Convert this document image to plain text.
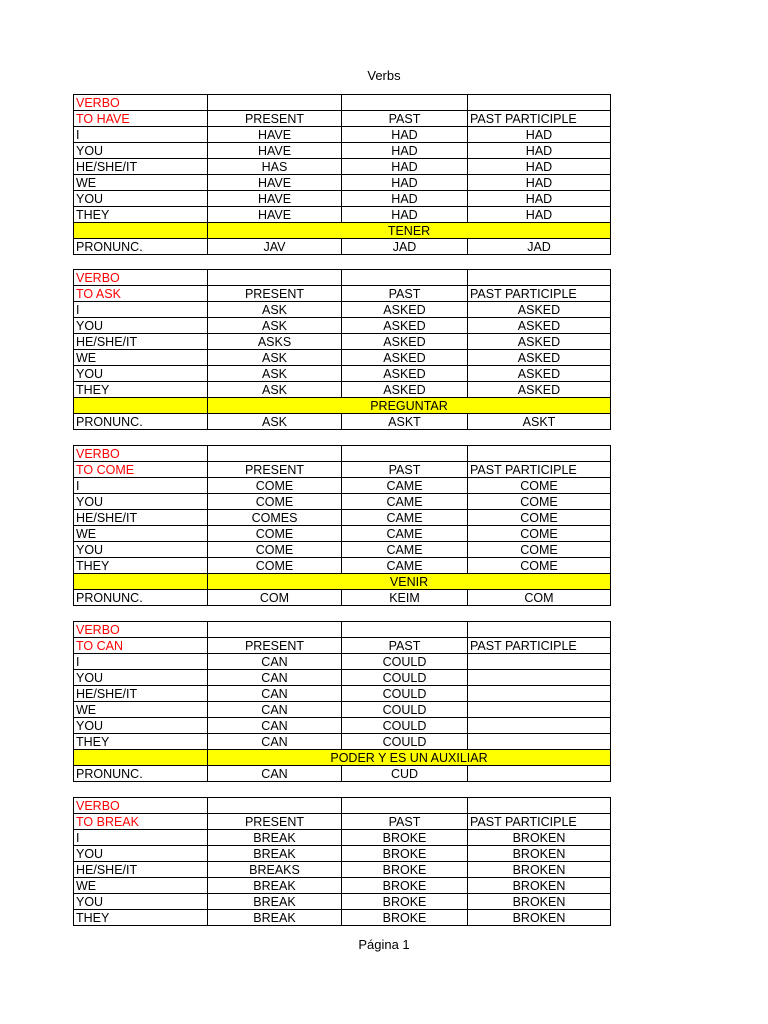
Verbs
VERBO			
TO HAVE	PRESENT	PAST	PAST PARTICIPLE
I	HAVE	HAD	HAD
YOU	HAVE	HAD	HAD
HE/SHE/IT	HAS	HAD	HAD
WE	HAVE	HAD	HAD
YOU	HAVE	HAD	HAD
THEY	HAVE	HAD	HAD
	TENER		
PRONUNC.	JAV	JAD	JAD
VERBO			
TO ASK	PRESENT	PAST	PAST PARTICIPLE
I	ASK	ASKED	ASKED
YOU	ASK	ASKED	ASKED
HE/SHE/IT	ASKS	ASKED	ASKED
WE	ASK	ASKED	ASKED
YOU	ASK	ASKED	ASKED
THEY	ASK	ASKED	ASKED
	PREGUNTAR		
PRONUNC.	ASK	ASKT	ASKT
VERBO			
TO COME	PRESENT	PAST	PAST PARTICIPLE
I	COME	CAME	COME
YOU	COME	CAME	COME
HE/SHE/IT	COMES	CAME	COME
WE	COME	CAME	COME
YOU	COME	CAME	COME
THEY	COME	CAME	COME
	VENIR		
PRONUNC.	COM	KEIM	COM
VERBO			
TO CAN	PRESENT	PAST	PAST PARTICIPLE
I	CAN	COULD	
YOU	CAN	COULD	
HE/SHE/IT	CAN	COULD	
WE	CAN	COULD	
YOU	CAN	COULD	
THEY	CAN	COULD	
	PODER Y ES UN AUXILIAR		
PRONUNC.	CAN	CUD	
VERBO			
TO BREAK	PRESENT	PAST	PAST PARTICIPLE
I	BREAK	BROKE	BROKEN
YOU	BREAK	BROKE	BROKEN
HE/SHE/IT	BREAKS	BROKE	BROKEN
WE	BREAK	BROKE	BROKEN
YOU	BREAK	BROKE	BROKEN
THEY	BREAK	BROKE	BROKEN
Página 1
